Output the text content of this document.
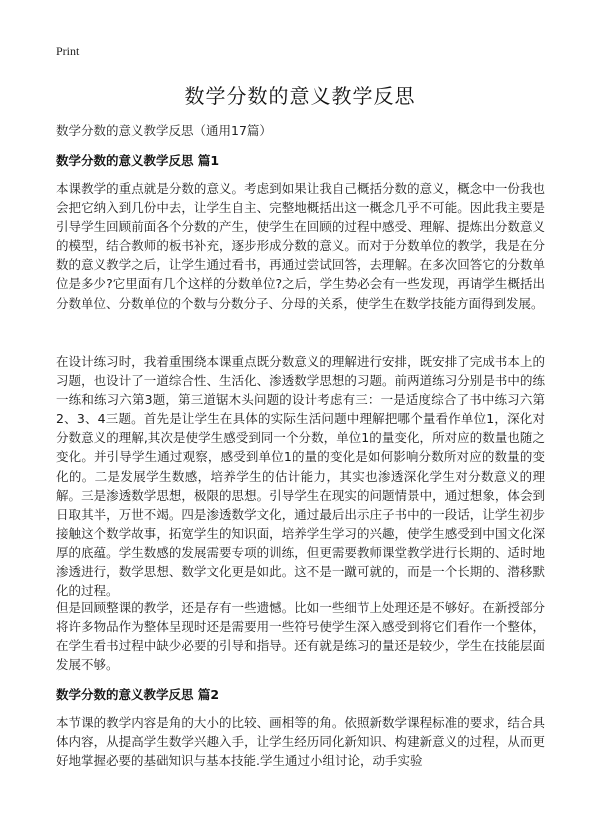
Print
数学分数的意义教学反思
数学分数的意义教学反思（通用17篇）
数学分数的意义教学反思 篇1
本课教学的重点就是分数的意义。考虑到如果让我自己概括分数的意义，概念中一份我也会把它纳入到几份中去，让学生自主、完整地概括出这一概念几乎不可能。因此我主要是引导学生回顾前面各个分数的产生，使学生在回顾的过程中感受、理解、提炼出分数意义的模型，结合教师的板书补充，逐步形成分数的意义。而对于分数单位的教学，我是在分数的意义教学之后，让学生通过看书，再通过尝试回答，去理解。在多次回答它的分数单位是多少?它里面有几个这样的分数单位?之后，学生势必会有一些发现，再请学生概括出分数单位、分数单位的个数与分数分子、分母的关系，使学生在数学技能方面得到发展。
在设计练习时，我着重围绕本课重点既分数意义的理解进行安排，既安排了完成书本上的习题，也设计了一道综合性、生活化、渗透数学思想的习题。前两道练习分别是书中的练一练和练习六第3题，第三道锯木头问题的设计考虑有三：一是适度综合了书中练习六第2、3、4三题。首先是让学生在具体的实际生活问题中理解把哪个量看作单位1，深化对分数意义的理解,其次是使学生感受到同一个分数，单位1的量变化，所对应的数量也随之变化。并引导学生通过观察，感受到单位1的量的变化是如何影响分数所对应的数量的变化的。二是发展学生数感，培养学生的估计能力，其实也渗透深化学生对分数意义的理解。三是渗透数学思想，极限的思想。引导学生在现实的问题情景中，通过想象，体会到日取其半，万世不竭。四是渗透数学文化，通过最后出示庄子书中的一段话，让学生初步接触这个数学故事，拓宽学生的知识面，培养学生学习的兴趣，使学生感受到中国文化深厚的底蕴。学生数感的发展需要专项的训练，但更需要教师课堂教学进行长期的、适时地渗透进行，数学思想、数学文化更是如此。这不是一蹴可就的，而是一个长期的、潜移默化的过程。
但是回顾整课的教学，还是存有一些遗憾。比如一些细节上处理还是不够好。在新授部分将许多物品作为整体呈现时还是需要用一些符号使学生深入感受到将它们看作一个整体，在学生看书过程中缺少必要的引导和指导。还有就是练习的量还是较少，学生在技能层面发展不够。
数学分数的意义教学反思 篇2
本节课的教学内容是角的大小的比较、画相等的角。依照新数学课程标准的要求，结合具体内容，从提高学生数学兴趣入手，让学生经历同化新知识、构建新意义的过程，从而更好地掌握必要的基础知识与基本技能.学生通过小组讨论，动手实验
